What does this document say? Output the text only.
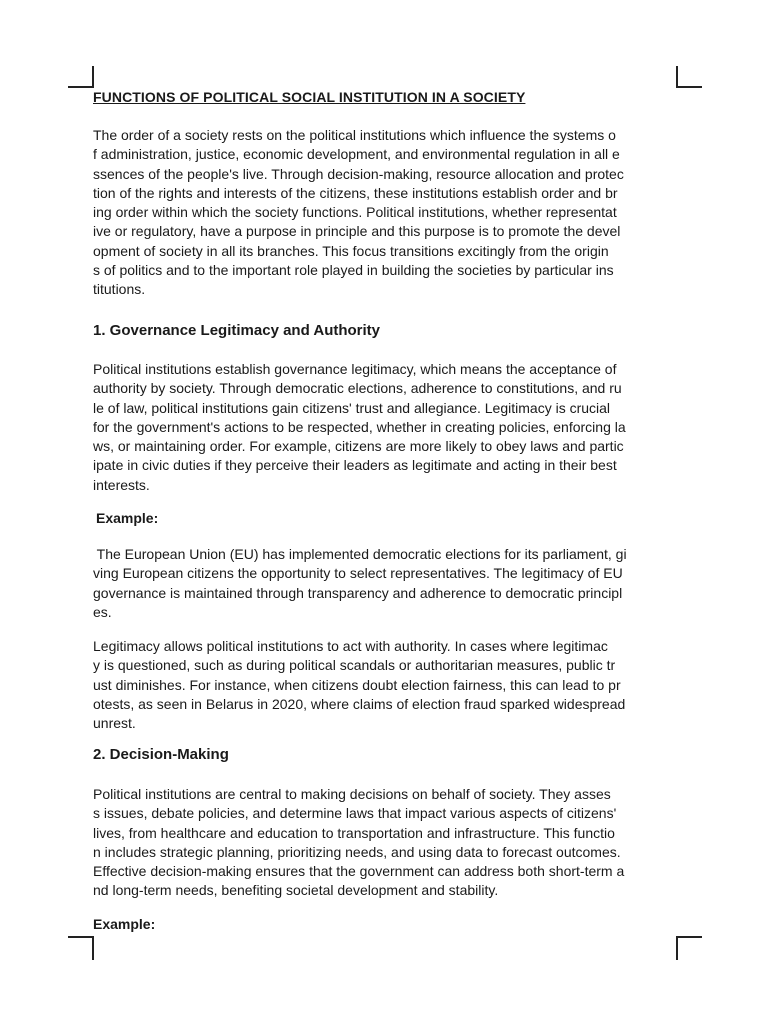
FUNCTIONS OF POLITICAL SOCIAL INSTITUTION IN A SOCIETY

The order of a society rests on the political institutions which influence the systems o
f administration, justice, economic development, and environmental regulation in all e
ssences of the people's live. Through decision-making, resource allocation and protec
tion of the rights and interests of the citizens, these institutions establish order and br
ing order within which the society functions. Political institutions, whether representat
ive or regulatory, have a purpose in principle and this purpose is to promote the devel
opment of society in all its branches. This focus transitions excitingly from the origin
s of politics and to the important role played in building the societies by particular ins
titutions.

1. Governance Legitimacy and Authority

Political institutions establish governance legitimacy, which means the acceptance of
authority by society. Through democratic elections, adherence to constitutions, and ru
le of law, political institutions gain citizens' trust and allegiance. Legitimacy is crucial
for the government's actions to be respected, whether in creating policies, enforcing la
ws, or maintaining order. For example, citizens are more likely to obey laws and partic
ipate in civic duties if they perceive their leaders as legitimate and acting in their best
interests.

Example:

The European Union (EU) has implemented democratic elections for its parliament, gi
ving European citizens the opportunity to select representatives. The legitimacy of EU
governance is maintained through transparency and adherence to democratic principl
es.

Legitimacy allows political institutions to act with authority. In cases where legitimac
y is questioned, such as during political scandals or authoritarian measures, public tr
ust diminishes. For instance, when citizens doubt election fairness, this can lead to pr
otests, as seen in Belarus in 2020, where claims of election fraud sparked widespread
unrest.

2. Decision-Making

Political institutions are central to making decisions on behalf of society. They asses
s issues, debate policies, and determine laws that impact various aspects of citizens'
lives, from healthcare and education to transportation and infrastructure. This functio
n includes strategic planning, prioritizing needs, and using data to forecast outcomes.
Effective decision-making ensures that the government can address both short-term a
nd long-term needs, benefiting societal development and stability.

Example:
